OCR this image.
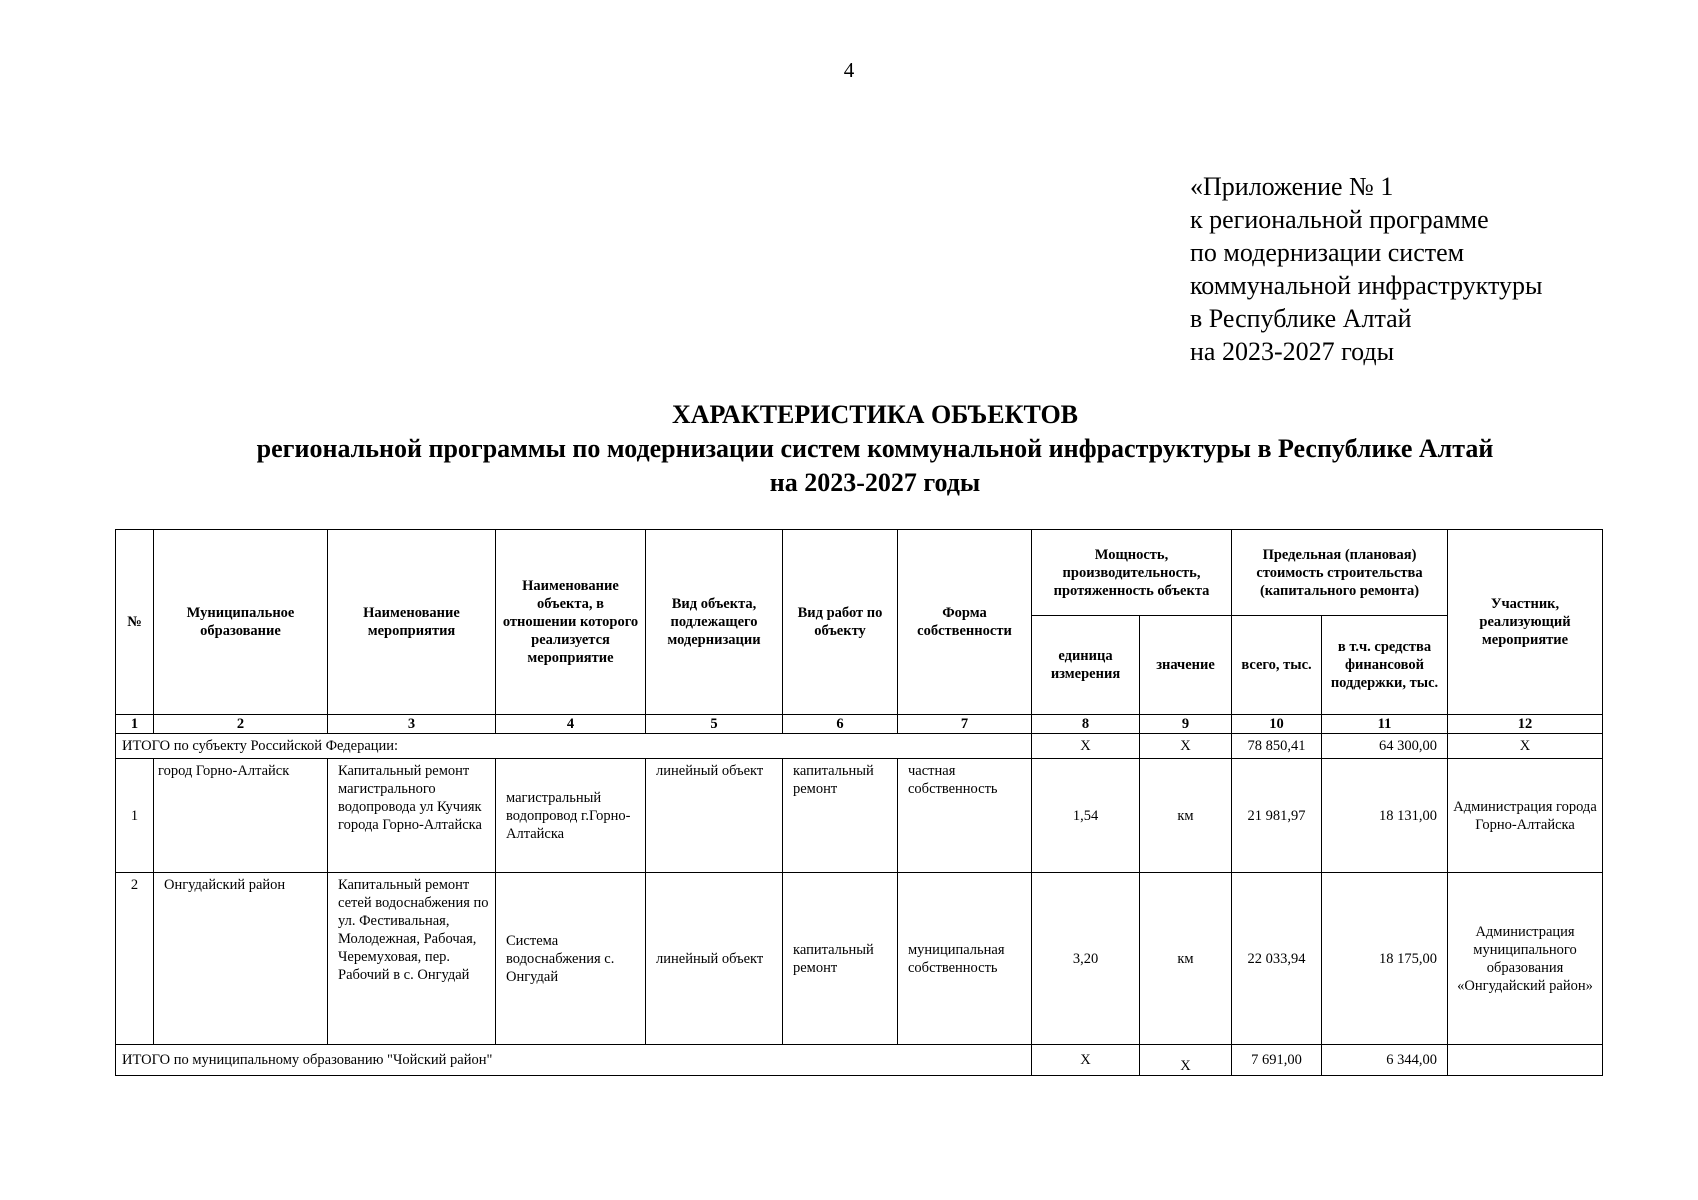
4
«Приложение № 1
к региональной программе
по модернизации систем
коммунальной инфраструктуры
в Республике Алтай
на 2023-2027 годы
ХАРАКТЕРИСТИКА ОБЪЕКТОВ
региональной программы по модернизации систем коммунальной инфраструктуры в Республике Алтай
на 2023-2027 годы
№	Муниципальное образование	Наименование мероприятия	Наименование объекта, в отношении которого реализуется мероприятие	Вид объекта, подлежащего модернизации	Вид работ по объекту	Форма собственности	Мощность, производительность, протяженность объекта		Предельная (плановая) стоимость строительства (капитального ремонта)		Участник, реализующий мероприятие
							единица измерения	значение	всего, тыс.	в т.ч. средства финансовой поддержки, тыс.	
1	2	3	4	5	6	7	8	9	10	11	12
ИТОГО по субъекту Российской Федерации:							Х	Х	78 850,41	64 300,00	Х
1	город Горно-Алтайск	Капитальный ремонт магистрального водопровода ул Кучияк города Горно-Алтайска	магистральный водопровод г.Горно-Алтайска	линейный объект	капитальный ремонт	частная собственность	1,54	км	21 981,97	18 131,00	Администрация города Горно-Алтайска
2	Онгудайский район	Капитальный ремонт сетей водоснабжения по ул. Фестивальная, Молодежная, Рабочая, Черемуховая, пер. Рабочий в с. Онгудай	Система водоснабжения с. Онгудай	линейный объект	капитальный ремонт	муниципальная собственность	3,20	км	22 033,94	18 175,00	Администрация муниципального образования «Онгудайский район»
ИТОГО по муниципальному образованию "Чойский район"							Х	Х	7 691,00	6 344,00	
